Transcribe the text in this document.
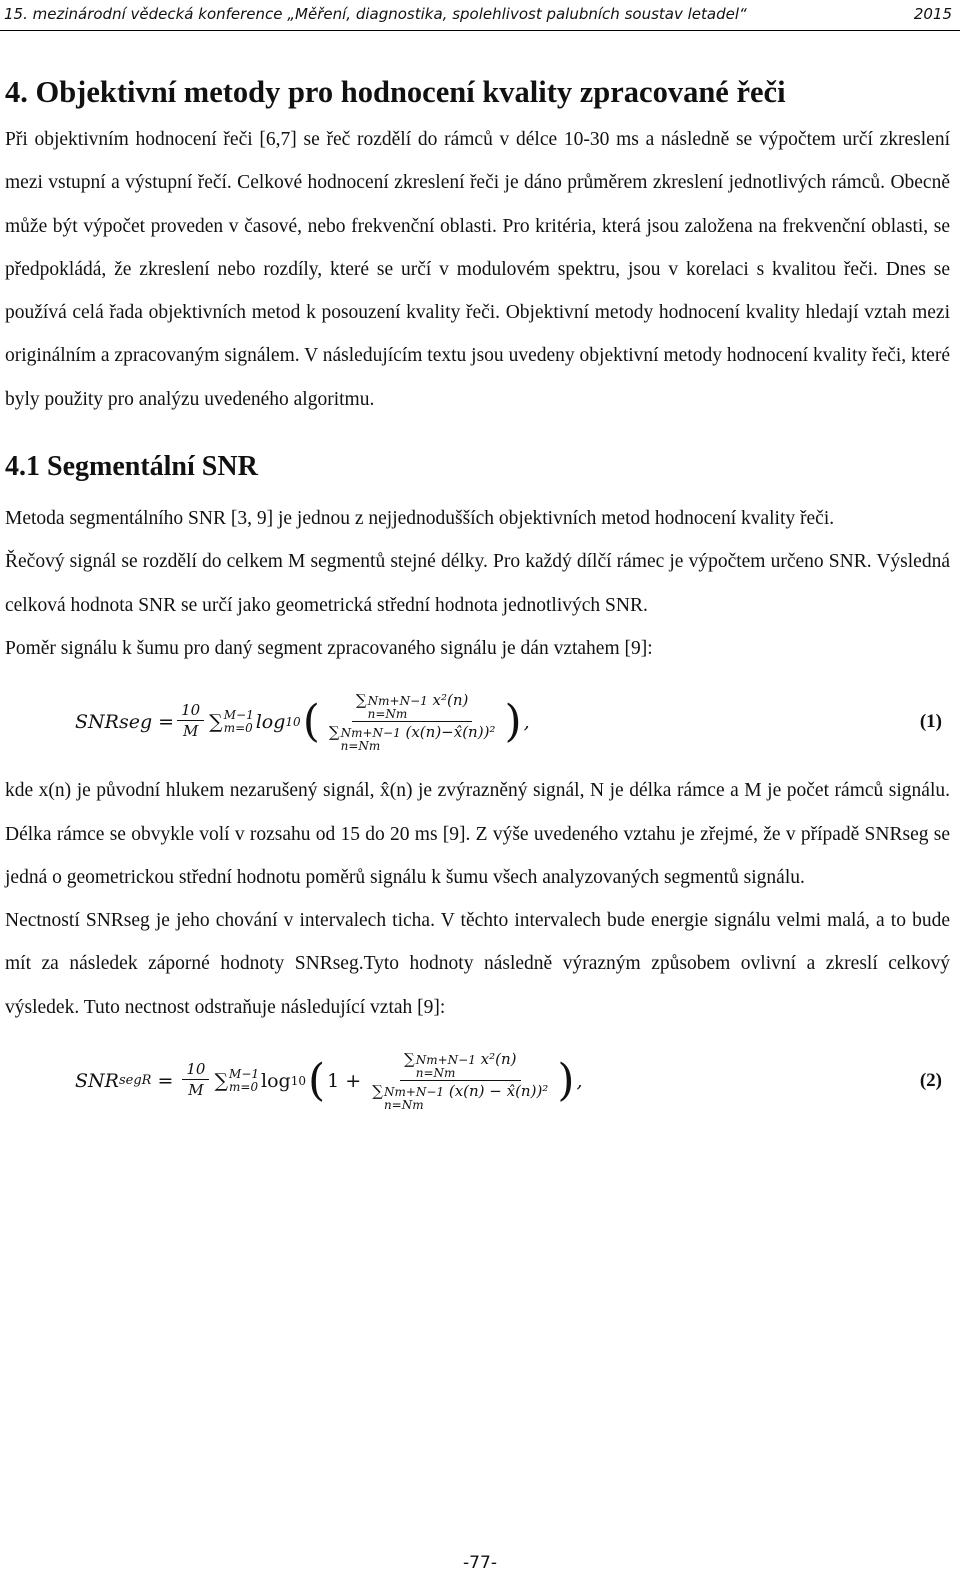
15. mezinárodní vědecká konference „Měření, diagnostika, spolehlivost palubních soustav letadel“	2015
4. Objektivní metody pro hodnocení kvality zpracované řeči

Při objektivním hodnocení řeči [6,7] se řeč rozdělí do rámců v délce 10-30 ms a následně se výpočtem určí zkreslení mezi vstupní a výstupní řečí. Celkové hodnocení zkreslení řeči je dáno průměrem zkreslení jednotlivých rámců. Obecně může být výpočet proveden v časové, nebo frekvenční oblasti. Pro kritéria, která jsou založena na frekvenční oblasti, se předpokládá, že zkreslení nebo rozdíly, které se určí v modulovém spektru, jsou v korelaci s kvalitou řeči. Dnes se používá celá řada objektivních metod k posouzení kvality řeči. Objektivní metody hodnocení kvality hledají vztah mezi originálním a zpracovaným signálem. V následujícím textu jsou uvedeny objektivní metody hodnocení kvality řeči, které byly použity pro analýzu uvedeného algoritmu.

4.1 Segmentální SNR

Metoda segmentálního SNR [3, 9] je jednou z nejjednodušších objektivních metod hodnocení kvality řeči.

Řečový signál se rozdělí do celkem M segmentů stejné délky. Pro každý dílčí rámec je výpočtem určeno SNR. Výsledná celková hodnota SNR se určí jako geometrická střední hodnota jednotlivých SNR.

Poměr signálu k šumu pro daný segment zpracovaného signálu je dán vztahem [9]:

SNRseg = $\frac{10}{M}$ ∑ M−1
m=0 log 10 ( ∑ Nm+N−1
n=Nm
x²(n)
∑ Nm+N−1
n=Nm
(x(n)−x̂(n))² ) ,	(1)

kde x(n) je původní hlukem nezarušený signál, x̂(n) je zvýrazněný signál, N je délka rámce a M je počet rámců signálu. Délka rámce se obvykle volí v rozsahu od 15 do 20 ms [9]. Z výše uvedeného vztahu je zřejmé, že v případě SNRseg se jedná o geometrickou střední hodnotu poměrů signálu k šumu všech analyzovaných segmentů signálu.

Nectností SNRseg je jeho chování v intervalech ticha. V těchto intervalech bude energie signálu velmi malá, a to bude mít za následek záporné hodnoty SNRseg.Tyto hodnoty následně výrazným způsobem ovlivní a zkreslí celkový výsledek. Tuto nectnost odstraňuje následující vztah [9]:

SNR segR = $\frac{10}{M}$ ∑ M−1
m=0 log 10 ( 1 + ∑ Nm+N−1
n=Nm
x²(n)
∑ Nm+N−1
n=Nm
(x(n) − x̂(n))² ) ,	(2)
-77-
